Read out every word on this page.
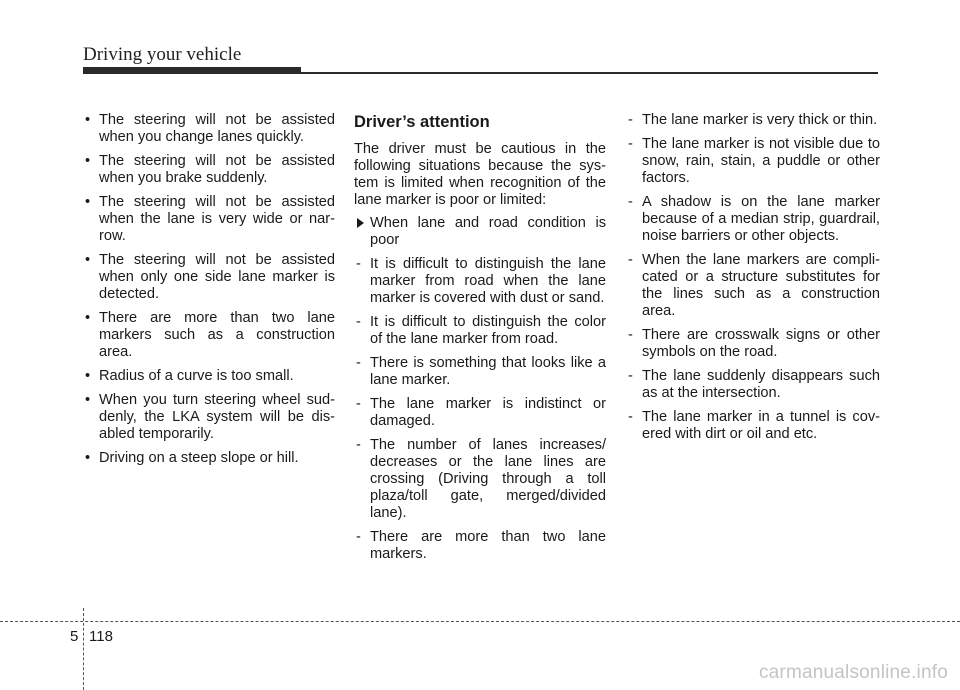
Driving your vehicle
• The steering will not be assisted when you change lanes quickly.
• The steering will not be assisted when you brake suddenly.
• The steering will not be assisted when the lane is very wide or nar-row.
• The steering will not be assisted when only one side lane marker is detected.
• There are more than two lane markers such as a construction area.
• Radius of a curve is too small.
• When you turn steering wheel sud-denly, the LKA system will be dis-abled temporarily.
• Driving on a steep slope or hill.
Driver’s attention

The driver must be cautious in the following situations because the sys-tem is limited when recognition of the lane marker is poor or limited:

When lane and road condition is poor
- It is difficult to distinguish the lane marker from road when the lane marker is covered with dust or sand.
- It is difficult to distinguish the color of the lane marker from road.
- There is something that looks like a lane marker.
- The lane marker is indistinct or damaged.
- The number of lanes increases/ decreases or the lane lines are crossing (Driving through a toll plaza/toll gate, merged/divided lane).
- There are more than two lane markers.
- The lane marker is very thick or thin.
- The lane marker is not visible due to snow, rain, stain, a puddle or other factors.
- A shadow is on the lane marker because of a median strip, guardrail, noise barriers or other objects.
- When the lane markers are compli-cated or a structure substitutes for the lines such as a construction area.
- There are crosswalk signs or other symbols on the road.
- The lane suddenly disappears such as at the intersection.
- The lane marker in a tunnel is cov-ered with dirt or oil and etc.
5 118
carmanualsonline.info
